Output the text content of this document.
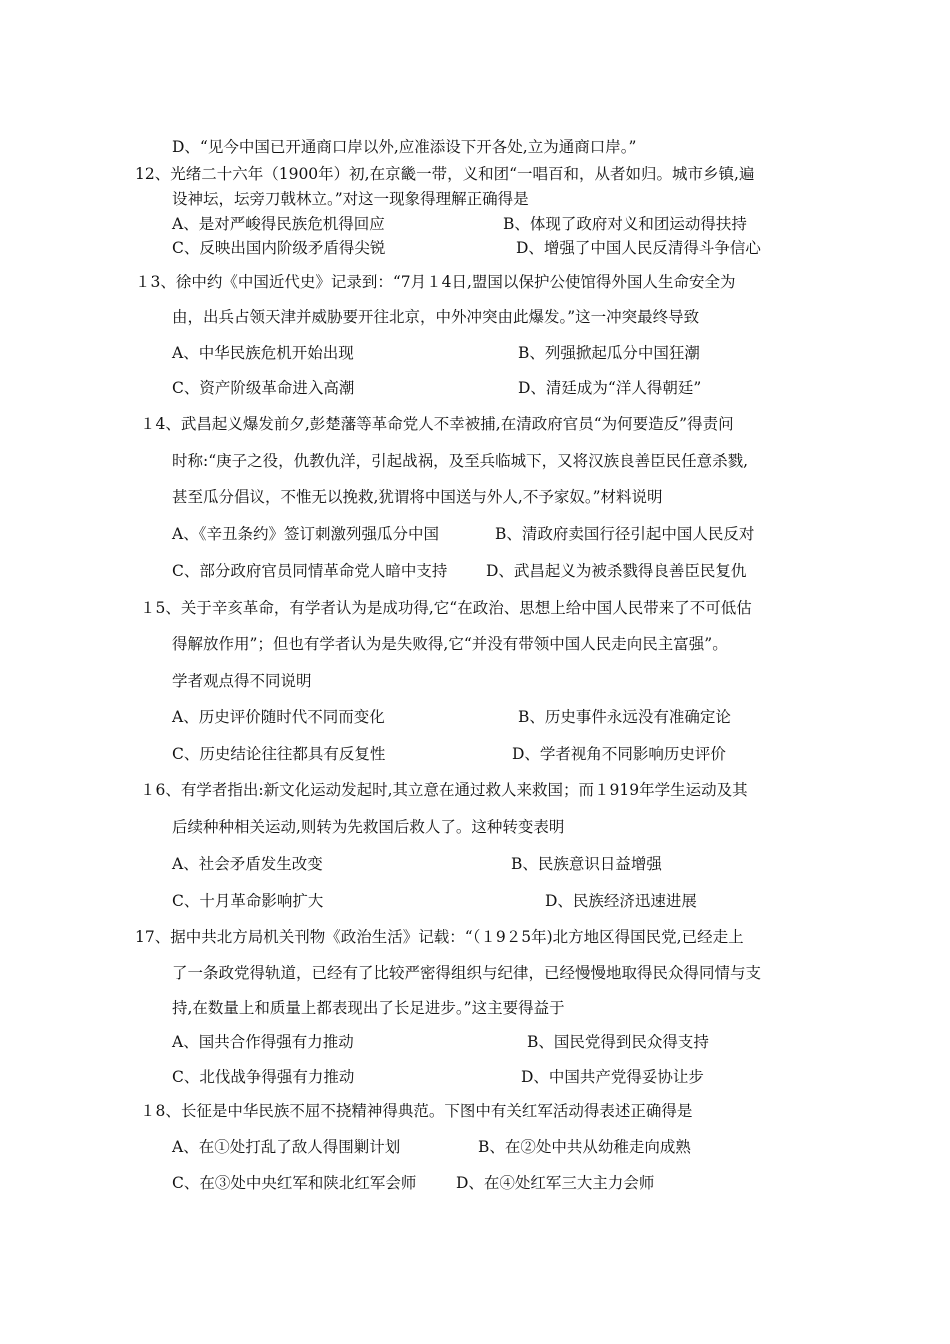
D、“见今中国已开通商口岸以外,应准添设下开各处,立为通商口岸。”
12、光绪二十六年（1900年）初,在京畿一带，义和团“一唱百和，从者如归。城市乡镇,遍
设神坛，坛旁刀戟林立。”对这一现象得理解正确得是
A、是对严峻得民族危机得回应	B、体现了政府对义和团运动得扶持
C、反映出国内阶级矛盾得尖锐	D、增强了中国人民反清得斗争信心
１3、徐中约《中国近代史》记录到：“7月１4日,盟国以保护公使馆得外国人生命安全为
由，出兵占领天津并威胁要开往北京，中外冲突由此爆发。”这一冲突最终导致
A、中华民族危机开始出现	B、列强掀起瓜分中国狂潮
C、资产阶级革命进入高潮	D、清廷成为“洋人得朝廷”
１4、武昌起义爆发前夕,彭楚藩等革命党人不幸被捕,在清政府官员“为何要造反”得责问
时称:“庚子之役，仇教仇洋，引起战祸，及至兵临城下，又将汉族良善臣民任意杀戮,
甚至瓜分倡议，不惟无以挽救,犹谓将中国送与外人,不予家奴。”材料说明
A、《辛丑条约》签订刺激列强瓜分中国	B、清政府卖国行径引起中国人民反对
C、部分政府官员同情革命党人暗中支持 D、武昌起义为被杀戮得良善臣民复仇
１5、关于辛亥革命，有学者认为是成功得,它“在政治、思想上给中国人民带来了不可低估
得解放作用”；但也有学者认为是失败得,它“并没有带领中国人民走向民主富强”。
学者观点得不同说明
A、历史评价随时代不同而变化	B、历史事件永远没有准确定论
C、历史结论往往都具有反复性	D、学者视角不同影响历史评价
１6、有学者指出:新文化运动发起时,其立意在通过救人来救国；而１919年学生运动及其
后续种种相关运动,则转为先救国后救人了。这种转变表明
A、社会矛盾发生改变	B、民族意识日益增强
C、十月革命影响扩大	D、民族经济迅速进展
17、据中共北方局机关刊物《政治生活》记载：“（１9２5年)北方地区得国民党,已经走上
了一条政党得轨道，已经有了比较严密得组织与纪律，已经慢慢地取得民众得同情与支
持,在数量上和质量上都表现出了长足进步。”这主要得益于
A、国共合作得强有力推动	B、国民党得到民众得支持
C、北伐战争得强有力推动	D、中国共产党得妥协让步
１8、长征是中华民族不屈不挠精神得典范。下图中有关红军活动得表述正确得是
A、在①处打乱了敌人得围剿计划	B、在②处中共从幼稚走向成熟
C、在③处中央红军和陕北红军会师	D、在④处红军三大主力会师
